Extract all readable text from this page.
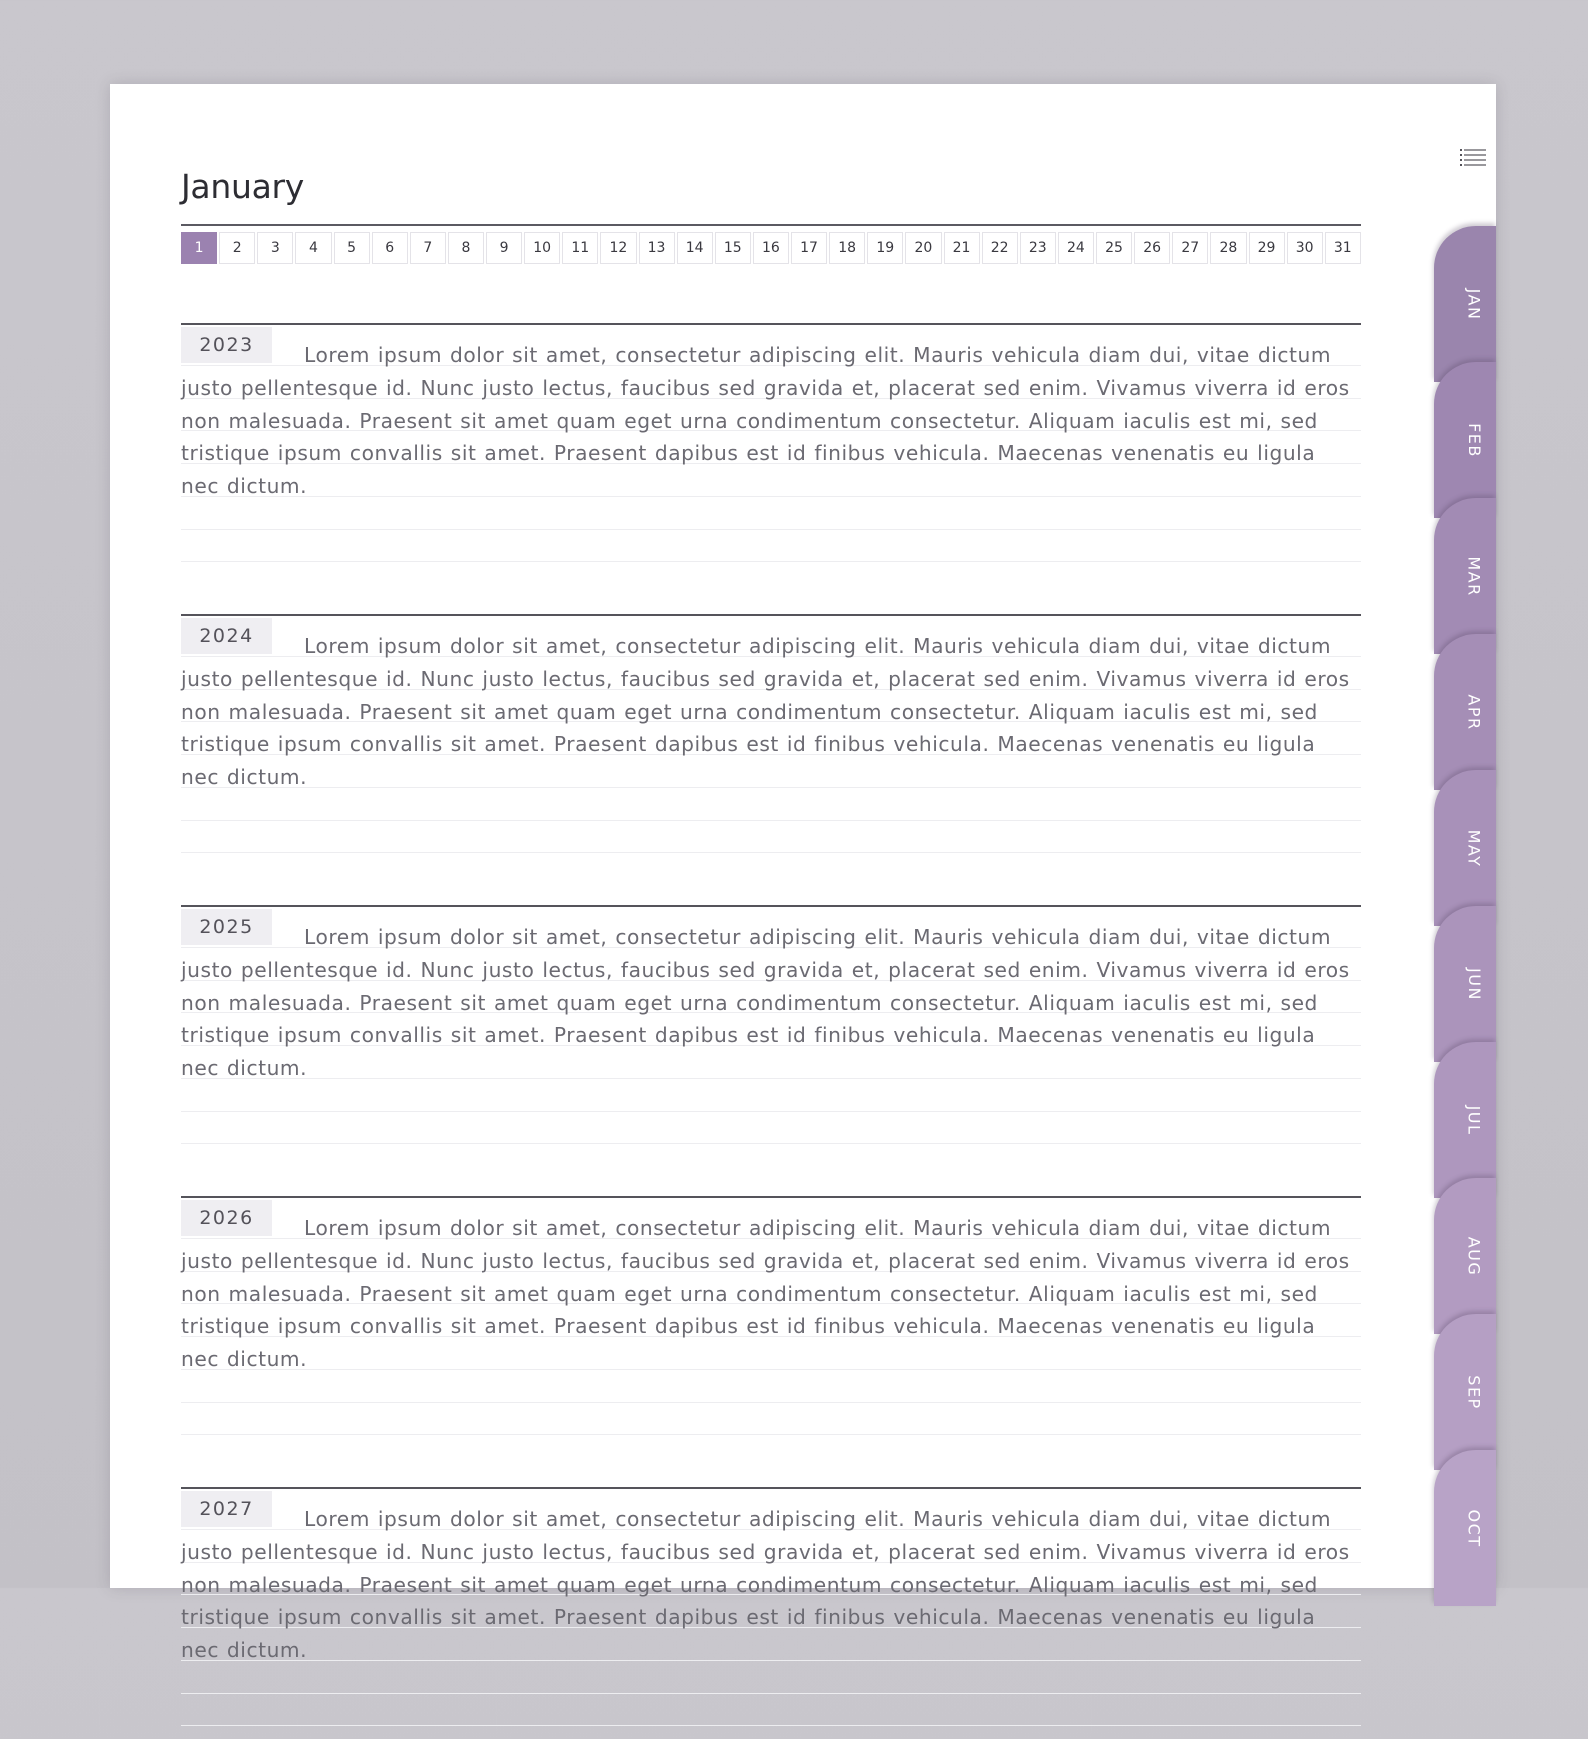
January
1	2	3	4	5	6	7	8	9	10	11	12	13	14	15	16	17	18	19	20	21	22	23	24	25	26	27	28	29	30	31
2023	Lorem ipsum dolor sit amet, consectetur adipiscing elit. Mauris vehicula diam dui, vitae dictum justo pellentesque id. Nunc justo lectus, faucibus sed gravida et, placerat sed enim. Vivamus viverra id eros non malesuada. Praesent sit amet quam eget urna condimentum consectetur. Aliquam iaculis est mi, sed tristique ipsum convallis sit amet. Praesent dapibus est id finibus vehicula. Maecenas venenatis eu ligula nec dictum.

2024	Lorem ipsum dolor sit amet, consectetur adipiscing elit. Mauris vehicula diam dui, vitae dictum justo pellentesque id. Nunc justo lectus, faucibus sed gravida et, placerat sed enim. Vivamus viverra id eros non malesuada. Praesent sit amet quam eget urna condimentum consectetur. Aliquam iaculis est mi, sed tristique ipsum convallis sit amet. Praesent dapibus est id finibus vehicula. Maecenas venenatis eu ligula nec dictum.

2025	Lorem ipsum dolor sit amet, consectetur adipiscing elit. Mauris vehicula diam dui, vitae dictum justo pellentesque id. Nunc justo lectus, faucibus sed gravida et, placerat sed enim. Vivamus viverra id eros non malesuada. Praesent sit amet quam eget urna condimentum consectetur. Aliquam iaculis est mi, sed tristique ipsum convallis sit amet. Praesent dapibus est id finibus vehicula. Maecenas venenatis eu ligula nec dictum.

2026	Lorem ipsum dolor sit amet, consectetur adipiscing elit. Mauris vehicula diam dui, vitae dictum justo pellentesque id. Nunc justo lectus, faucibus sed gravida et, placerat sed enim. Vivamus viverra id eros non malesuada. Praesent sit amet quam eget urna condimentum consectetur. Aliquam iaculis est mi, sed tristique ipsum convallis sit amet. Praesent dapibus est id finibus vehicula. Maecenas venenatis eu ligula nec dictum.

2027	Lorem ipsum dolor sit amet, consectetur adipiscing elit. Mauris vehicula diam dui, vitae dictum justo pellentesque id. Nunc justo lectus, faucibus sed gravida et, placerat sed enim. Vivamus viverra id eros non malesuada. Praesent sit amet quam eget urna condimentum consectetur. Aliquam iaculis est mi, sed tristique ipsum convallis sit amet. Praesent dapibus est id finibus vehicula. Maecenas venenatis eu ligula nec dictum.

JAN
FEB
MAR
APR
MAY
JUN
JUL
AUG
SEP
OCT
